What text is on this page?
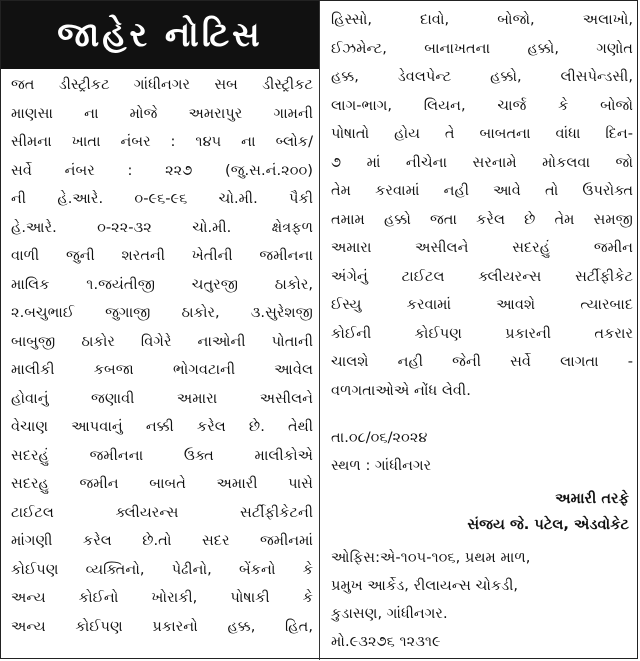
જાહેર નોટિસ
જત ડીસ્ટ્રીકટ ગાંધીનગર સબ ડીસ્ટ્રીકટ
માણસા ના મોજે અમરાપુર ગામની
સીમના ખાતા નંબર : ૧૪૫ ના બ્લોક/
સર્વે નંબર : ૨૨૭ (જુ.સ.નં.૨૦૦)
ની હે.આરે. ૦-૯૬-૯૬ ચો.મી. પૈકી
હે.આરે. ૦-૨૨-૩૨ ચો.મી. ક્ષેત્રફળ
વાળી જુની શરતની ખેતીની જમીનના
માલિક ૧.જયંતીજી ચતુરજી ઠાકોર,
૨.બચુભાઈ જુગાજી ઠાકોર, ૩.સુરેશજી
બાબુજી ઠાકોર વિગેરે નાઓની પોતાની
માલીકી કબજા ભોગવટાની આવેલ
હોવાનું જણાવી અમારા અસીલને
વેચાણ આપવાનું નક્કી કરેલ છે. તેથી
સદરહું જમીનના ઉક્ત માલીકોએ
સદરહુ જમીન બાબતે અમારી પાસે
ટાઈટલ ક્લીયરન્સ સર્ટીફીકેટની
માંગણી કરેલ છે.તો સદર જમીનમાં
કોઈપણ વ્યક્તિનો, પેઢીનો, બેંકનો કે
અન્ય કોઈનો ખોરાકી, પોષાકી કે
અન્ય કોઈપણ પ્રકારનો હક્ક, હિત,
હિસ્સો, દાવો, બોજો, અલાખો,
ઈઝમેન્ટ, બાનાખતના હક્કો, ગણોત
હક્ક, ડેવલપેન્ટ હક્કો, લીસપેન્ડસી,
લાગ-ભાગ, લિયન, ચાર્જ કે બોજો
પોષાતો હોય તે બાબતના વાંધા દિન-
૭ માં નીચેના સરનામે મોકલવા જો
તેમ કરવામાં નહી આવે તો ઉપરોક્ત
તમામ હક્કો જતા કરેલ છે તેમ સમજી
અમારા અસીલને સદરહું જમીન
અંગેનું ટાઈટલ ક્લીયરન્સ સર્ટીફીકેટ
ઈસ્યુ કરવામાં આવશે ત્યારબાદ
કોઈની કોઈપણ પ્રકારની તકરાર
ચાલશે નહી જેની સર્વે લાગતા -
વળગતાઓએ નોંધ લેવી.
તા.૦૮/૦૬/૨૦૨૪
સ્થળ : ગાંધીનગર
અમારી તરફે
સંજય જે. પટેલ, એડવોકેટ
ઓફિસ:એ-૧૦૫-૧૦૬, પ્રથમ માળ,
પ્રમુખ આર્કેડ, રીલાયન્સ ચોકડી,
કુડાસણ, ગાંધીનગર.
મો.૯૩૨૭૬ ૧૨૩૧૯
